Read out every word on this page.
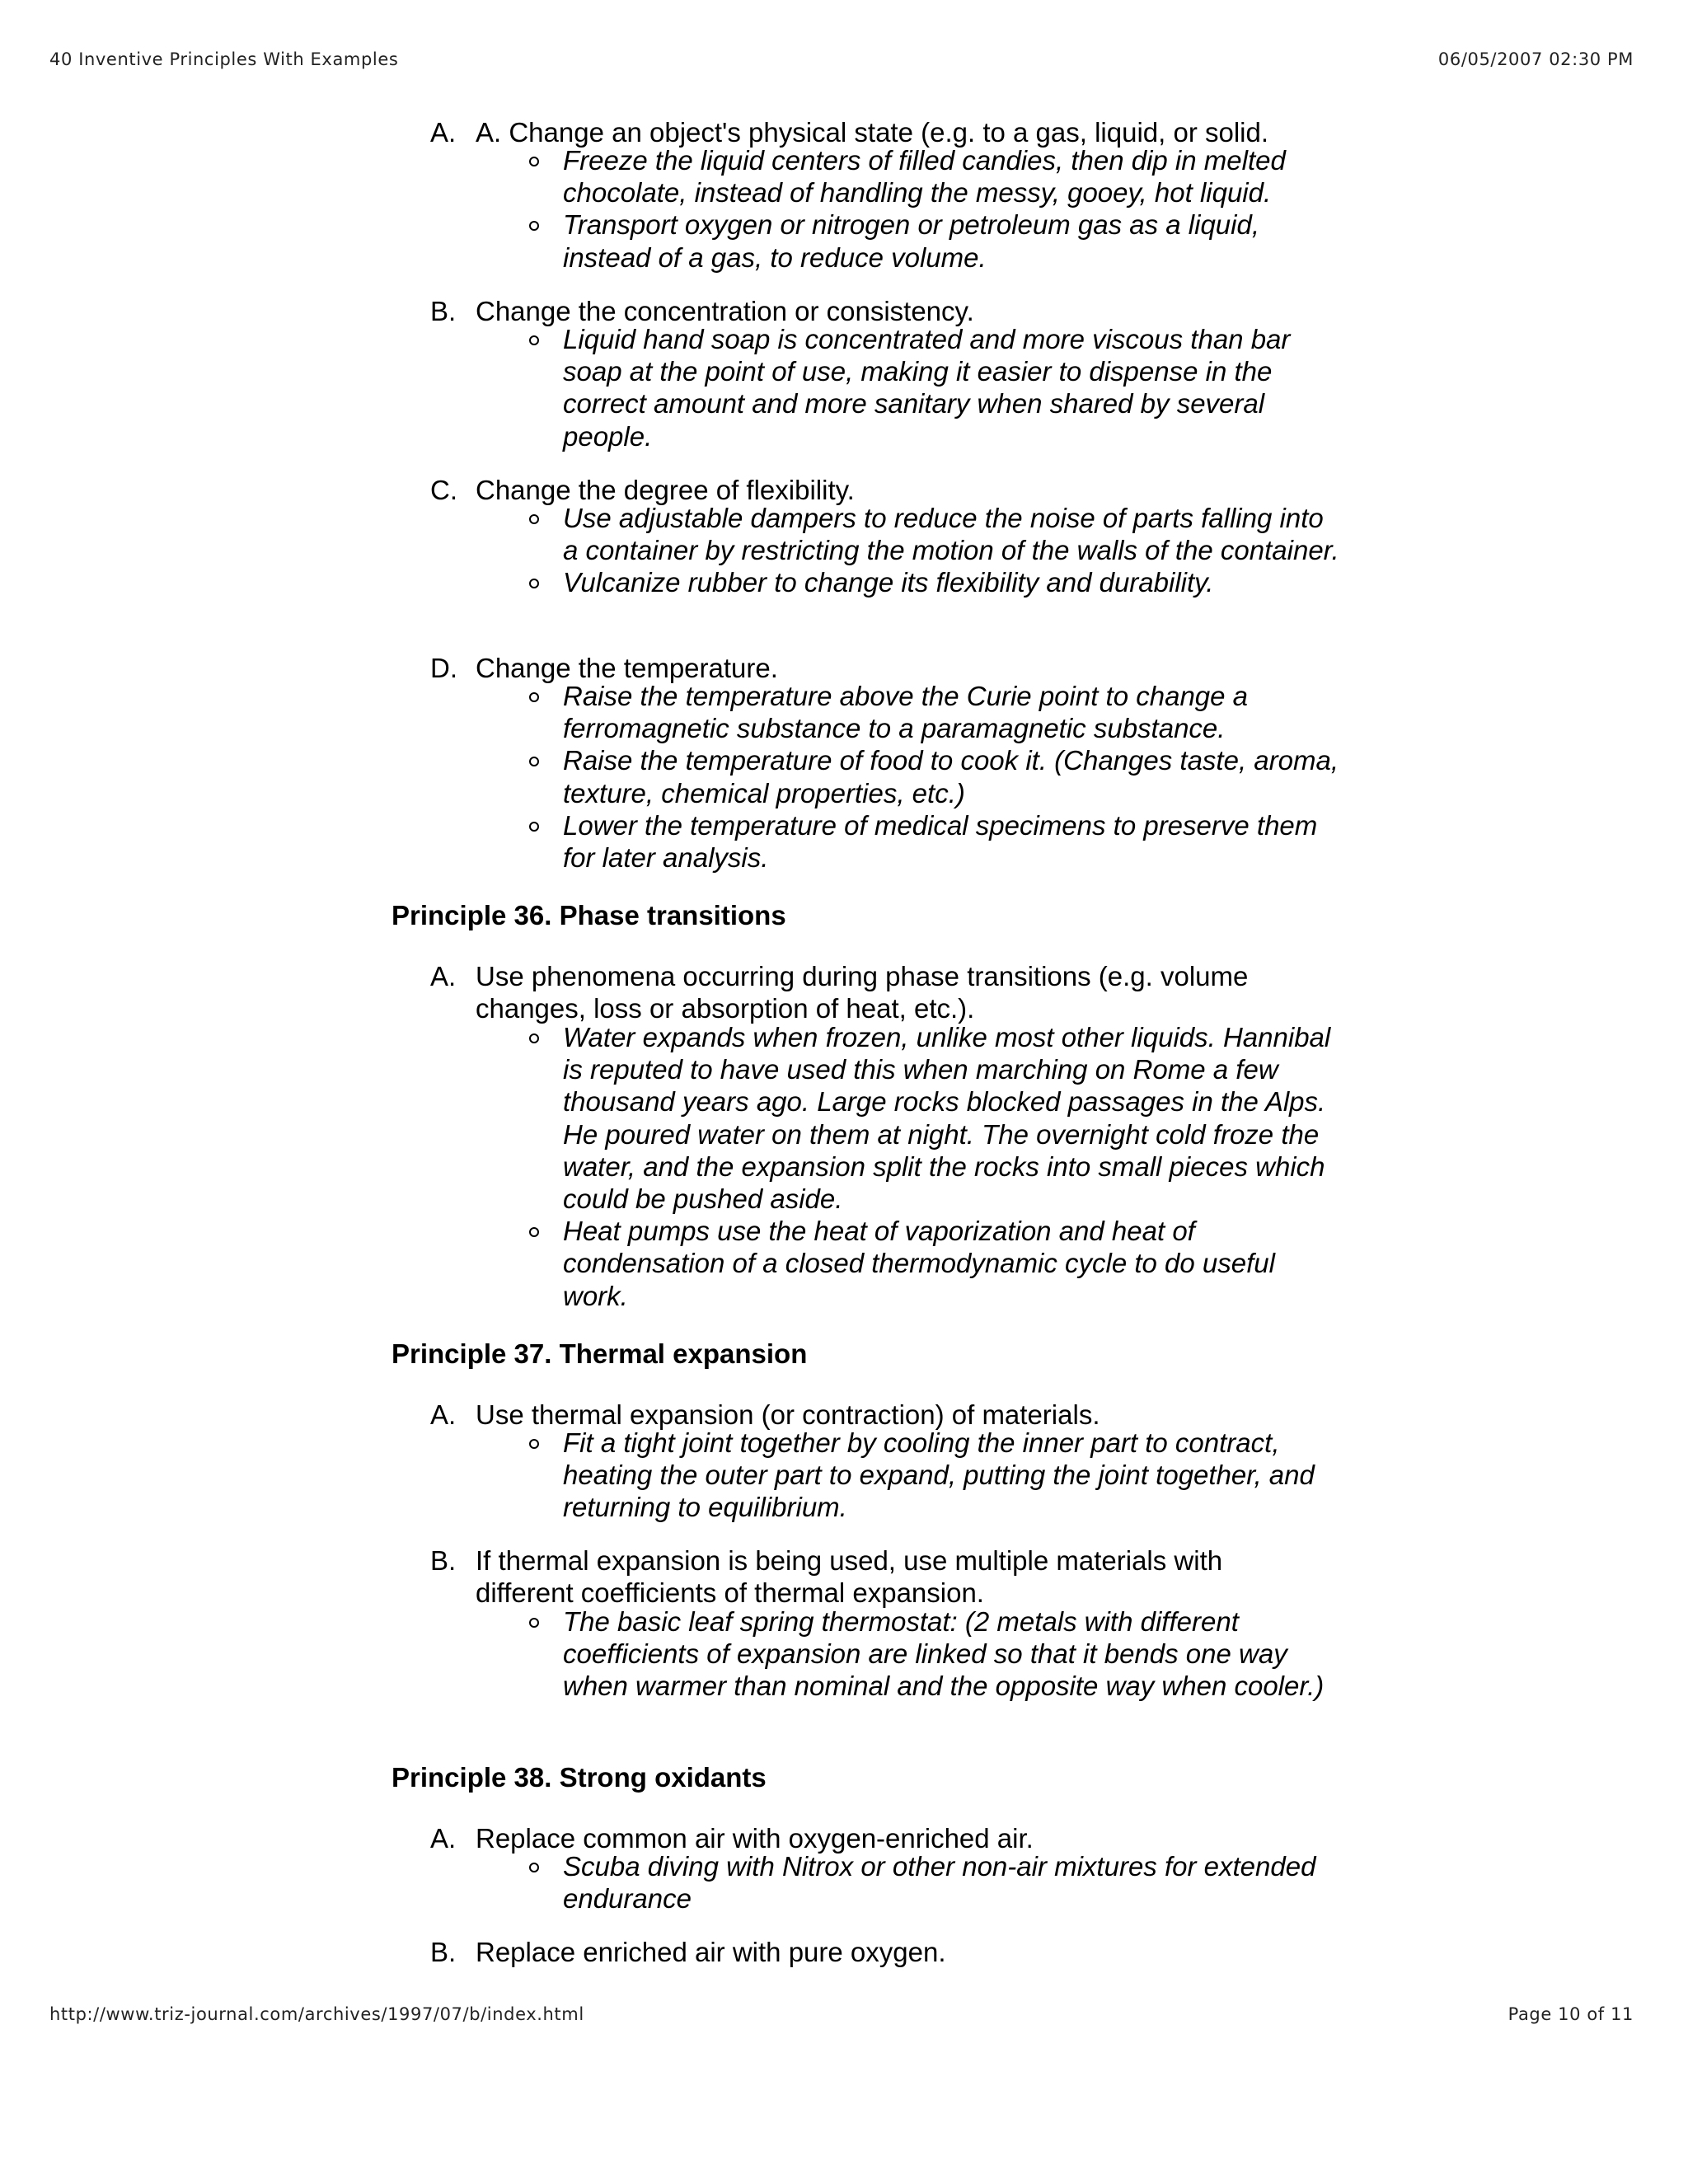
40 Inventive Principles With Examples	06/05/2007 02:30 PM
A. A. Change an object's physical state (e.g. to a gas, liquid, or solid.
Freeze the liquid centers of filled candies, then dip in melted chocolate, instead of handling the messy, gooey, hot liquid.
Transport oxygen or nitrogen or petroleum gas as a liquid, instead of a gas, to reduce volume.
B. Change the concentration or consistency.
Liquid hand soap is concentrated and more viscous than bar soap at the point of use, making it easier to dispense in the correct amount and more sanitary when shared by several people.
C. Change the degree of flexibility.
Use adjustable dampers to reduce the noise of parts falling into a container by restricting the motion of the walls of the container.
Vulcanize rubber to change its flexibility and durability.
D. Change the temperature.
Raise the temperature above the Curie point to change a ferromagnetic substance to a paramagnetic substance.
Raise the temperature of food to cook it. (Changes taste, aroma, texture, chemical properties, etc.)
Lower the temperature of medical specimens to preserve them for later analysis.
Principle 36. Phase transitions
A. Use phenomena occurring during phase transitions (e.g. volume changes, loss or absorption of heat, etc.).
Water expands when frozen, unlike most other liquids. Hannibal is reputed to have used this when marching on Rome a few thousand years ago. Large rocks blocked passages in the Alps. He poured water on them at night. The overnight cold froze the water, and the expansion split the rocks into small pieces which could be pushed aside.
Heat pumps use the heat of vaporization and heat of condensation of a closed thermodynamic cycle to do useful work.
Principle 37. Thermal expansion
A. Use thermal expansion (or contraction) of materials.
Fit a tight joint together by cooling the inner part to contract, heating the outer part to expand, putting the joint together, and returning to equilibrium.
B. If thermal expansion is being used, use multiple materials with different coefficients of thermal expansion.
The basic leaf spring thermostat: (2 metals with different coefficients of expansion are linked so that it bends one way when warmer than nominal and the opposite way when cooler.)
Principle 38. Strong oxidants
A. Replace common air with oxygen-enriched air.
Scuba diving with Nitrox or other non-air mixtures for extended endurance
B. Replace enriched air with pure oxygen.
http://www.triz-journal.com/archives/1997/07/b/index.html	Page 10 of 11
